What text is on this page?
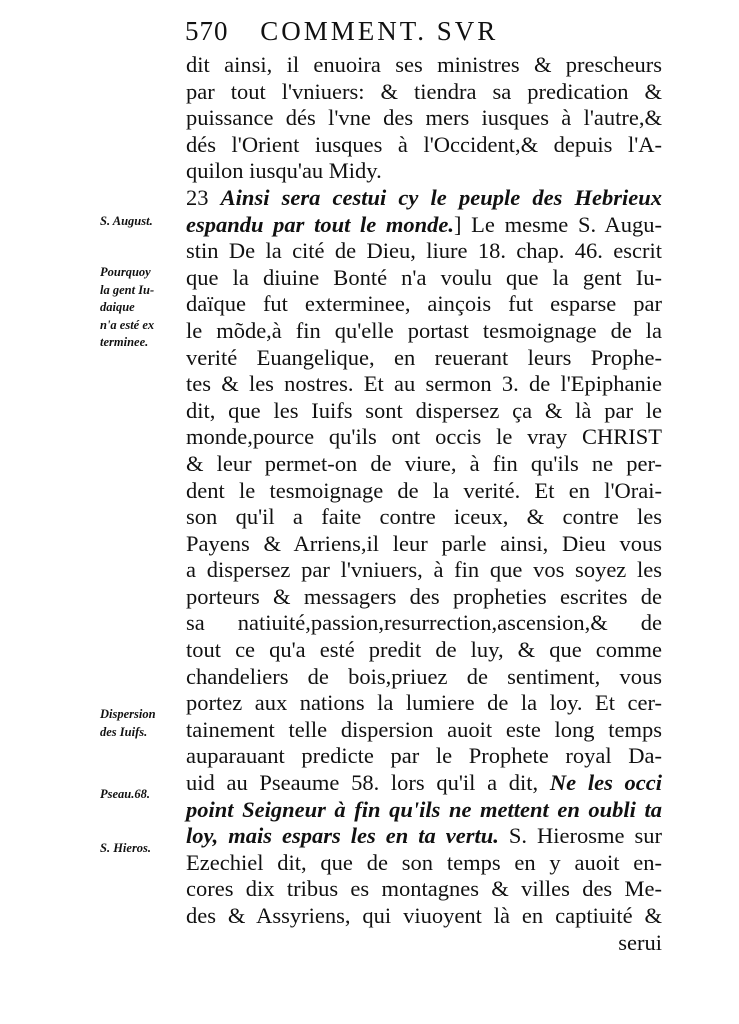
570 COMMENT. SVR
S. August.
Pourquoy
la gent Iu-
daique
n'a esté ex
terminee.
Dispersion
des Iuifs.
Pseau.68.
S. Hieros.
dit ainsi, il enuoira ses ministres & prescheurs
par tout l'vniuers: & tiendra sa predication &
puissance dés l'vne des mers iusques à l'autre,&
dés l'Orient iusques à l'Occident,& depuis l'A-
quilon iusqu'au Midy.
23 Ainsi sera cestui cy le peuple des Hebrieux
espandu par tout le monde.] Le mesme S. Augu-
stin De la cité de Dieu, liure 18. chap. 46. escrit
que la diuine Bonté n'a voulu que la gent Iu-
daïque fut exterminee, ainçois fut esparse par
le mõde,à fin qu'elle portast tesmoignage de la
verité Euangelique, en reuerant leurs Prophe-
tes & les nostres. Et au sermon 3. de l'Epiphanie
dit, que les Iuifs sont dispersez ça & là par le
monde,pource qu'ils ont occis le vray CHRIST
& leur permet-on de viure, à fin qu'ils ne per-
dent le tesmoignage de la verité. Et en l'Orai-
son qu'il a faite contre iceux, & contre les
Payens & Arriens,il leur parle ainsi, Dieu vous
a dispersez par l'vniuers, à fin que vos soyez les
porteurs & messagers des propheties escrites de
sa natiuité,passion,resurrection,ascension,& de
tout ce qu'a esté predit de luy, & que comme
chandeliers de bois,priuez de sentiment, vous
portez aux nations la lumiere de la loy. Et cer-
tainement telle dispersion auoit este long temps
auparauant predicte par le Prophete royal Da-
uid au Pseaume 58. lors qu'il a dit, Ne les occi
point Seigneur à fin qu'ils ne mettent en oubli ta
loy, mais espars les en ta vertu. S. Hierosme sur
Ezechiel dit, que de son temps en y auoit en-
cores dix tribus es montagnes & villes des Me-
des & Assyriens, qui viuoyent là en captiuité &
serui
